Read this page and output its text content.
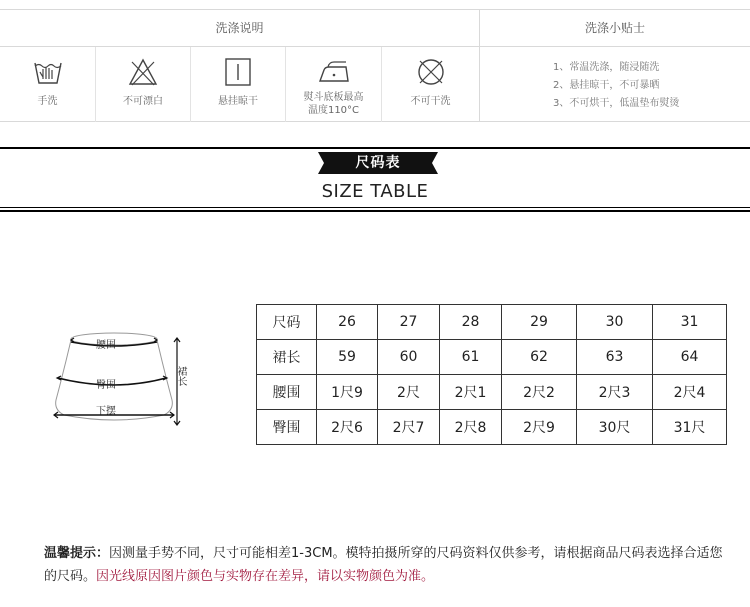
洗涤说明	洗涤小贴士
手洗	不可漂白	悬挂晾干	熨斗底板最高
温度110°C
不可干洗
1、常温洗涤，随浸随洗
2、悬挂晾干，不可暴晒
3、不可烘干，低温垫布熨烫
尺码表
SIZE TABLE
腰围
臀围
下摆
裙长
尺码	26	27	28	29	30	31
裙长	59	60	61	62	63	64
腰围	1尺9	2尺	2尺1	2尺2	2尺3	2尺4
臀围	2尺6	2尺7	2尺8	2尺9	30尺	31尺
温馨提示：因测量手势不同，尺寸可能相差1-3CM。模特拍摄所穿的尺码资料仅供参考，请根据商品尺码表选择合适您的尺码。因光线原因图片颜色与实物存在差异，请以实物颜色为准。
